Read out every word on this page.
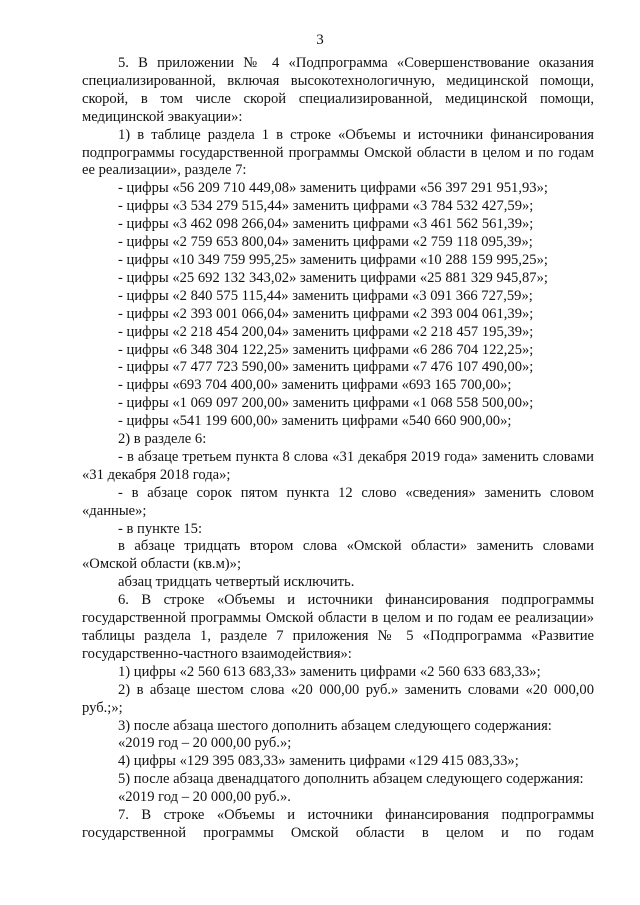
3

5. В приложении № 4 «Подпрограмма «Совершенствование оказания специализированной, включая высокотехнологичную, медицинской помощи, скорой, в том числе скорой специализированной, медицинской помощи, медицинской эвакуации»:

1) в таблице раздела 1 в строке «Объемы и источники финансирования подпрограммы государственной программы Омской области в целом и по годам ее реализации», разделе 7:

- цифры «56 209 710 449,08» заменить цифрами «56 397 291 951,93»;

- цифры «3 534 279 515,44» заменить цифрами «3 784 532 427,59»;

- цифры «3 462 098 266,04» заменить цифрами «3 461 562 561,39»;

- цифры «2 759 653 800,04» заменить цифрами «2 759 118 095,39»;

- цифры «10 349 759 995,25» заменить цифрами «10 288 159 995,25»;

- цифры «25 692 132 343,02» заменить цифрами «25 881 329 945,87»;

- цифры «2 840 575 115,44» заменить цифрами «3 091 366 727,59»;

- цифры «2 393 001 066,04» заменить цифрами «2 393 004 061,39»;

- цифры «2 218 454 200,04» заменить цифрами «2 218 457 195,39»;

- цифры «6 348 304 122,25» заменить цифрами «6 286 704 122,25»;

- цифры «7 477 723 590,00» заменить цифрами «7 476 107 490,00»;

- цифры «693 704 400,00» заменить цифрами «693 165 700,00»;

- цифры «1 069 097 200,00» заменить цифрами «1 068 558 500,00»;

- цифры «541 199 600,00» заменить цифрами «540 660 900,00»;

2) в разделе 6:

- в абзаце третьем пункта 8 слова «31 декабря 2019 года» заменить словами «31 декабря 2018 года»;

- в абзаце сорок пятом пункта 12 слово «сведения» заменить словом «данные»;

- в пункте 15:

в абзаце тридцать втором слова «Омской области» заменить словами «Омской области (кв.м)»;

абзац тридцать четвертый исключить.

6. В строке «Объемы и источники финансирования подпрограммы государственной программы Омской области в целом и по годам ее реализации» таблицы раздела 1, разделе 7 приложения № 5 «Подпрограмма «Развитие государственно-частного взаимодействия»:

1) цифры «2 560 613 683,33» заменить цифрами «2 560 633 683,33»;

2) в абзаце шестом слова «20 000,00 руб.» заменить словами «20 000,00 руб.;»;

3) после абзаца шестого дополнить абзацем следующего содержания:

«2019 год – 20 000,00 руб.»;

4) цифры «129 395 083,33» заменить цифрами «129 415 083,33»;

5) после абзаца двенадцатого дополнить абзацем следующего содержания:

«2019 год – 20 000,00 руб.».

7. В строке «Объемы и источники финансирования подпрограммы государственной программы Омской области в целом и по годам
